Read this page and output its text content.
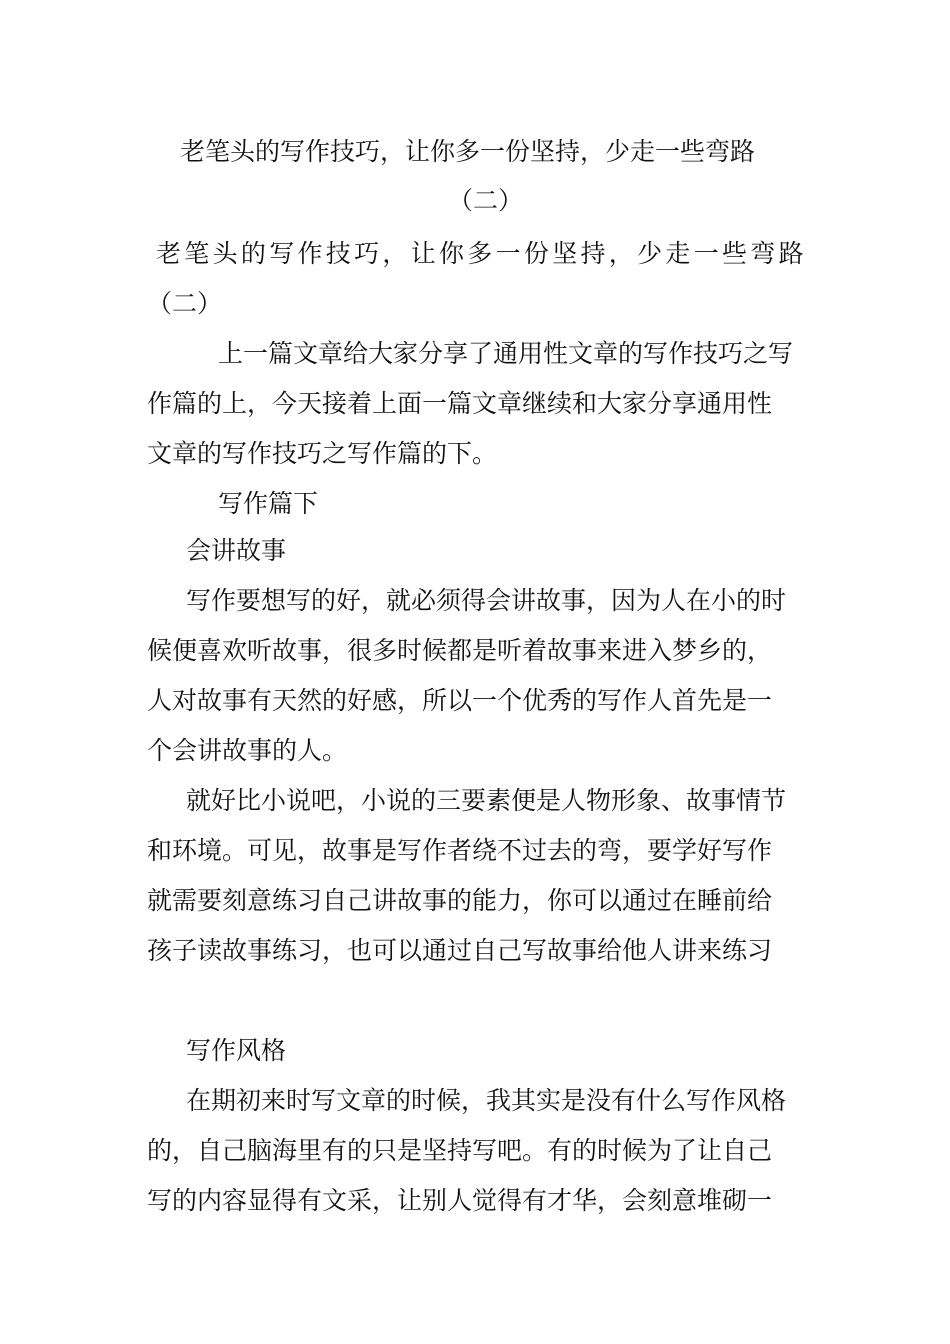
老笔头的写作技巧，让你多一份坚持，少走一些弯路
（二）
老笔头的写作技巧，让你多一份坚持，少走一些弯路
（二）
上一篇文章给大家分享了通用性文章的写作技巧之写
作篇的上，今天接着上面一篇文章继续和大家分享通用性
文章的写作技巧之写作篇的下。
写作篇下
会讲故事
写作要想写的好，就必须得会讲故事，因为人在小的时
候便喜欢听故事，很多时候都是听着故事来进入梦乡的，
人对故事有天然的好感，所以一个优秀的写作人首先是一
个会讲故事的人。
就好比小说吧，小说的三要素便是人物形象、故事情节
和环境。可见，故事是写作者绕不过去的弯，要学好写作
就需要刻意练习自己讲故事的能力，你可以通过在睡前给
孩子读故事练习，也可以通过自己写故事给他人讲来练习
写作风格
在期初来时写文章的时候，我其实是没有什么写作风格
的，自己脑海里有的只是坚持写吧。有的时候为了让自己
写的内容显得有文采，让别人觉得有才华，会刻意堆砌一
